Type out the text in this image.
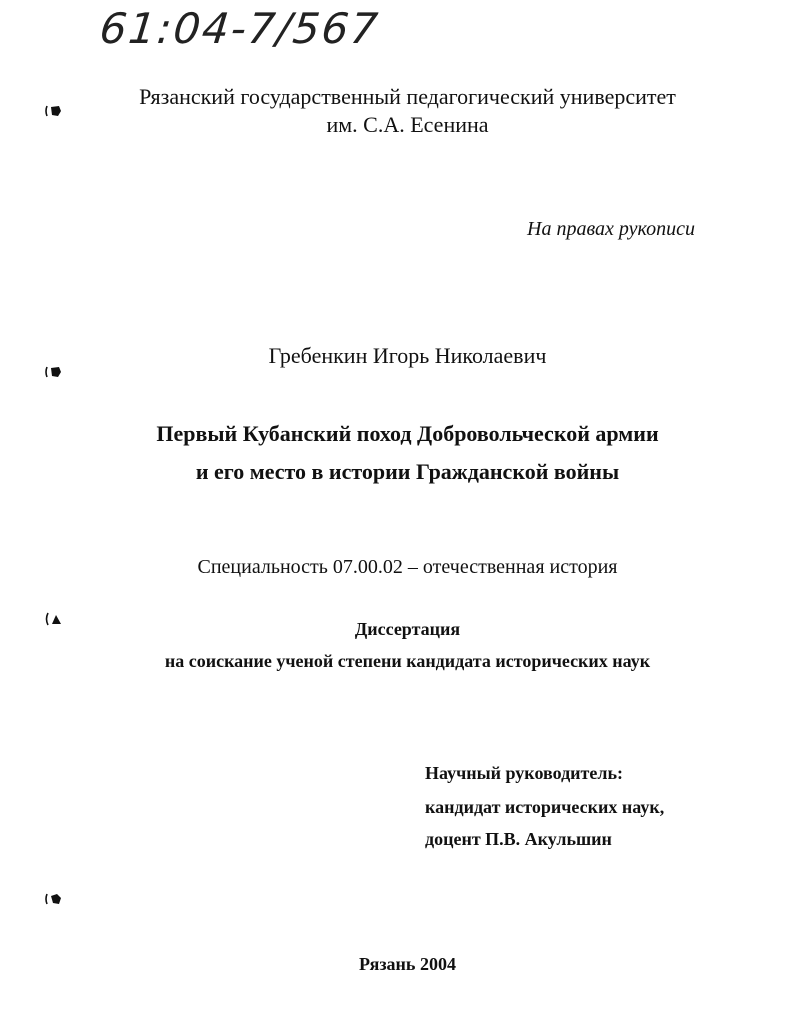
61:04-7/567
Рязанский государственный педагогический университет
им. С.А. Есенина
На правах рукописи
Гребенкин Игорь Николаевич
Первый Кубанский поход Добровольческой армии
и его место в истории Гражданской войны
Специальность 07.00.02 – отечественная история
Диссертация
на соискание ученой степени кандидата исторических наук
Научный руководитель:
кандидат исторических наук,
доцент П.В. Акульшин
Рязань 2004
